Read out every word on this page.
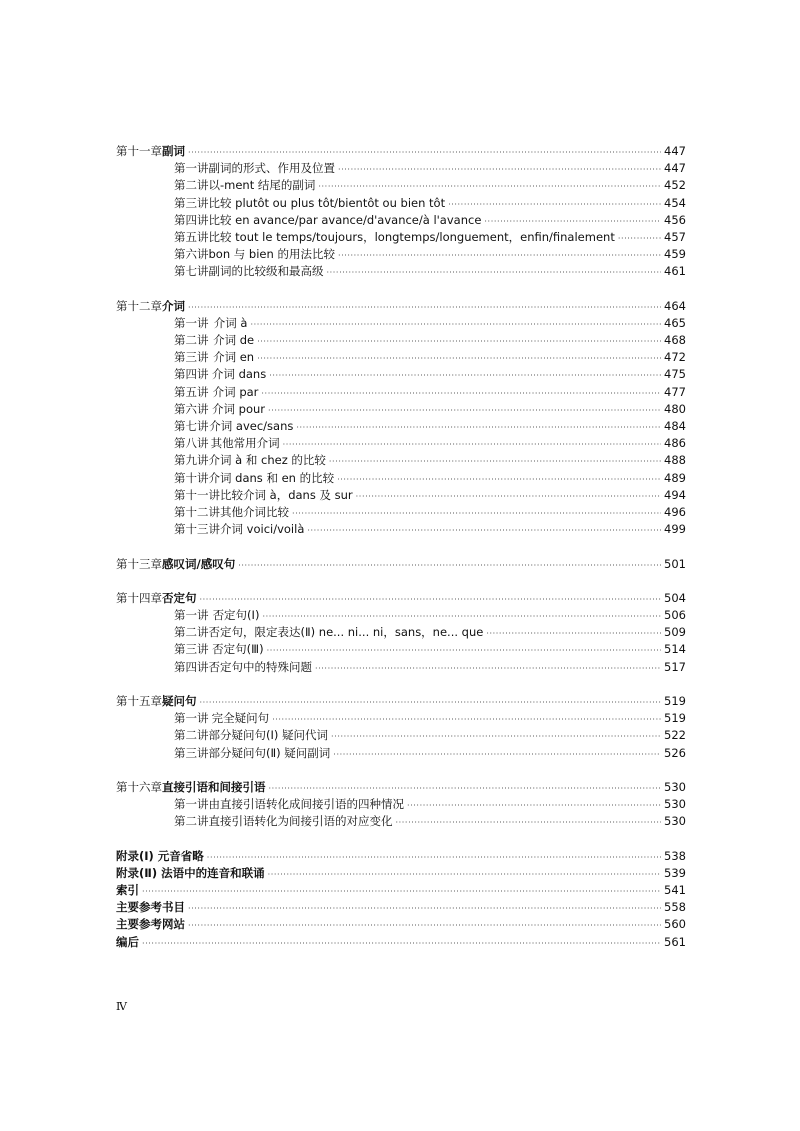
第十一章 副词 ·····	447
第一讲 副词的形式、作用及位置 ·····	447
第二讲 以-ment 结尾的副词 ·····	452
第三讲 比较 plutôt ou plus tôt/bientôt ou bien tôt ·····	454
第四讲 比较 en avance/par avance/d'avance/à l'avance ·····	456
第五讲 比较 tout le temps/toujours，longtemps/longuement，enfin/finalement ·····	457
第六讲 bon 与 bien 的用法比较 ·····	459
第七讲 副词的比较级和最高级 ·····	461
第十二章 介词 ·····	464
第一讲 介词 à ·····	465
第二讲 介词 de ·····	468
第三讲 介词 en ·····	472
第四讲 介词 dans ·····	475
第五讲 介词 par ·····	477
第六讲 介词 pour ·····	480
第七讲 介词 avec/sans ·····	484
第八讲 其他常用介词 ·····	486
第九讲 介词 à 和 chez 的比较 ·····	488
第十讲 介词 dans 和 en 的比较 ·····	489
第十一讲 比较介词 à，dans 及 sur ·····	494
第十二讲 其他介词比较 ·····	496
第十三讲 介词 voici/voilà ·····	499
第十三章 感叹词/感叹句 ·····	501
第十四章 否定句 ·····	504
第一讲 否定句(Ⅰ) ·····	506
第二讲 否定句，限定表达(Ⅱ) ne... ni... ni，sans，ne... que ·····	509
第三讲 否定句(Ⅲ) ·····	514
第四讲 否定句中的特殊问题 ·····	517
第十五章 疑问句 ·····	519
第一讲 完全疑问句 ·····	519
第二讲 部分疑问句(Ⅰ) 疑问代词 ·····	522
第三讲 部分疑问句(Ⅱ) 疑问副词 ·····	526
第十六章 直接引语和间接引语 ·····	530
第一讲 由直接引语转化成间接引语的四种情况 ·····	530
第二讲 直接引语转化为间接引语的对应变化 ·····	530
附录(Ⅰ) 元音省略 ·····	538
附录(Ⅱ) 法语中的连音和联诵 ·····	539
索引 ·····	541
主要参考书目 ·····	558
主要参考网站 ·····	560
编后 ·····	561
Ⅳ
